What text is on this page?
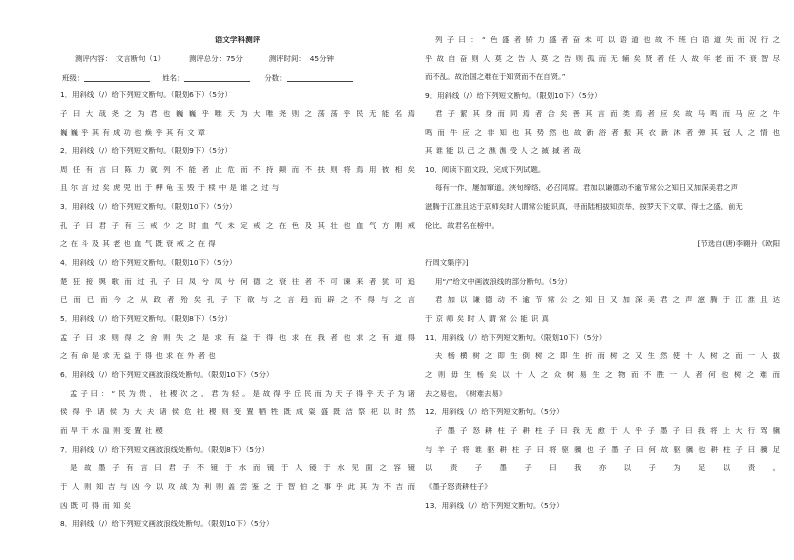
语文学科测评
测评内容： 文言断句（1）	测评总分：75分	测评时间： 45分钟
班级：	姓名：	分数：
1．用斜线（/）给下列短文断句。（限划6下）（5分）
子曰大哉尧之为君也巍巍乎唯天为大唯尧则之荡荡乎民无能名焉
巍巍乎其有成功也焕乎其有文章
2．用斜线（/）给下列短文断句。（限划9下）（5分）
周任有言曰陈力就列不能者止危而不持颠而不扶则将焉用彼相矣
且尔言过矣虎兕出于柙龟玉毁于椟中是谁之过与
3．用斜线（/）给下列短文断句。（限划10下）（5分）
孔子曰君子有三戒少之时血气未定戒之在色及其壮也血气方刚戒
之在斗及其老也血气既衰戒之在得
4．用斜线（/）给下列短文断句。（限划10下）（5分）
楚狂接舆歌而过孔子曰凤兮凤兮何德之衰往者不可谏来者犹可追
已而已而今之从政者殆矣孔子下欲与之言趋而辟之不得与之言
5．用斜线（/）给下列短文断句。（限划8下）（5分）
孟子曰求则得之舍则失之是求有益于得也求在我者也求之有道得
之有命是求无益于得也求在外者也
6．用斜线（/）给下列短文画波浪线处断句。（限划10下）（5分）
孟子曰：“民为贵，社稷次之，君为轻。是故得乎丘民而为天子得乎天子为诸
侯得乎诸侯为大夫诸侯危社稷则变置牺牲既成粢盛既洁祭祀以时然
而旱干水溢则变置社稷
7．用斜线（/）给下列短文画波浪线处断句。（限划8下）（5分）
是故墨子有言曰君子不镜于水而镜于人镜于水见面之容镜
于人则知吉与凶今以攻战为利则盖尝鉴之于智伯之事乎此其为不吉而
凶既可得而知矣
8．用斜线（/）给下列短文画波浪线处断句。（限划10下）（5分）
列子曰：“色盛者骄力盛者奋未可以语道也故不班白语道失而况行之
乎故自奋则人莫之告人莫之告则孤而无辅矣贤者任人故年老而不衰智尽
而不乱。故治国之难在于知贤而不在自贤。”
9．用斜线（/）给下列短文断句。（限划10下）（5分）
君子絜其身而同焉者合矣善其言而类焉者应矣故马鸣而马应之牛
鸣而牛应之非知也其势然也故新浴者振其衣新沐者弹其冠人之情也
其谁能以己之潐潐受人之掝掝者哉
10．阅读下面文段，完成下列试题。
每有一作，屡加窜道。浹旬缔络，必召同席。君加以谦德动不逾节常公之知日又加深美君之声
滋腾于江淮且达于京师矣时人谓常公能识真，寻而陆相拔知贡举，按罗天下文章，得士之盛，前无
伦比，故君名在榜中。
[节选自(唐)李翱升《欧阳
行周文集序》]
用“/”给文中画波浪线的部分断句。（5分）
君加以谦德动不逾节常公之知日又加深美君之声滋腾于江淮且达
于京师矣时人谓常公能识真
11．用斜线（/）给下列短文断句。（限划10下）（5分）
夫杨横树之即生倒树之即生折而树之又生然使十人树之而一人拔
之则毋生杨矣以十人之众树易生之物而不胜一人者何也树之难而
去之易也。　《树难去易》
12．用斜线（/）给下列短文断句。（5分）
子墨子怒耕柱子耕柱子曰我无愈于人乎子墨子曰我将上大行驾骥
与羊子将谁驱耕柱子曰将驱骥也子墨子曰何故驱骥也耕柱子曰骥足
以责子墨子曰我亦以子为足以责。
《墨子怒责耕柱子》
13．用斜线（/）给下列短文断句。（5分）
